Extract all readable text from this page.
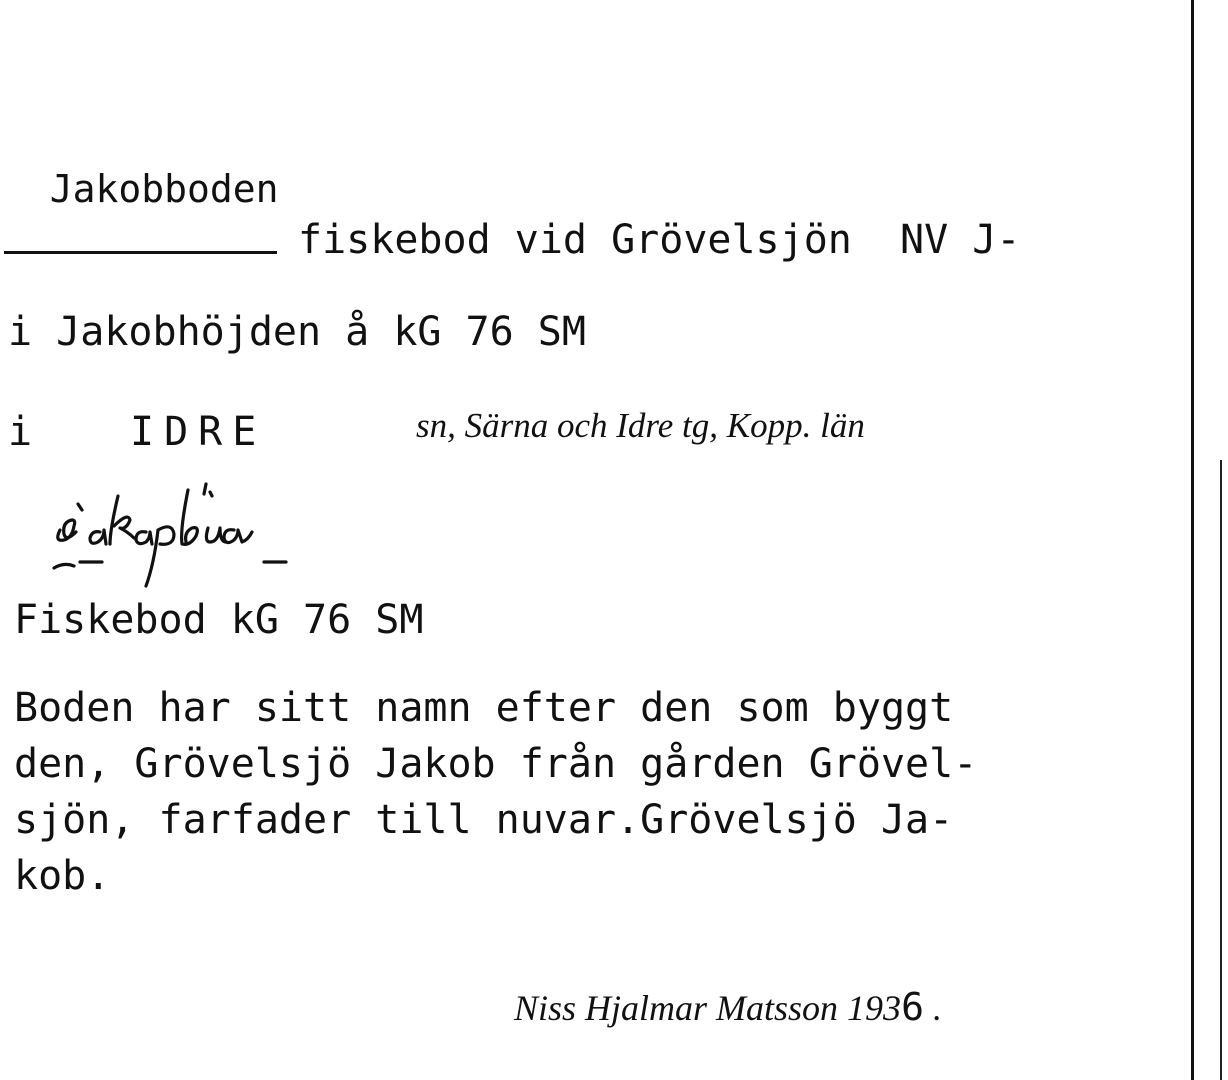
Jakobboden

fiskebod vid Grövelsjön  NV J-
i Jakobhöjden å kG 76 SM

i

IDRE

	sn, Särna och Idre tg, Kopp. län

Fiskebod kG 76 SM
Boden har sitt namn efter den som byggt
den, Grövelsjö Jakob från gården Grövel-
sjön, farfader till nuvar.Grövelsjö Ja-
kob.

Niss Hjalmar Matsson 1936 .
